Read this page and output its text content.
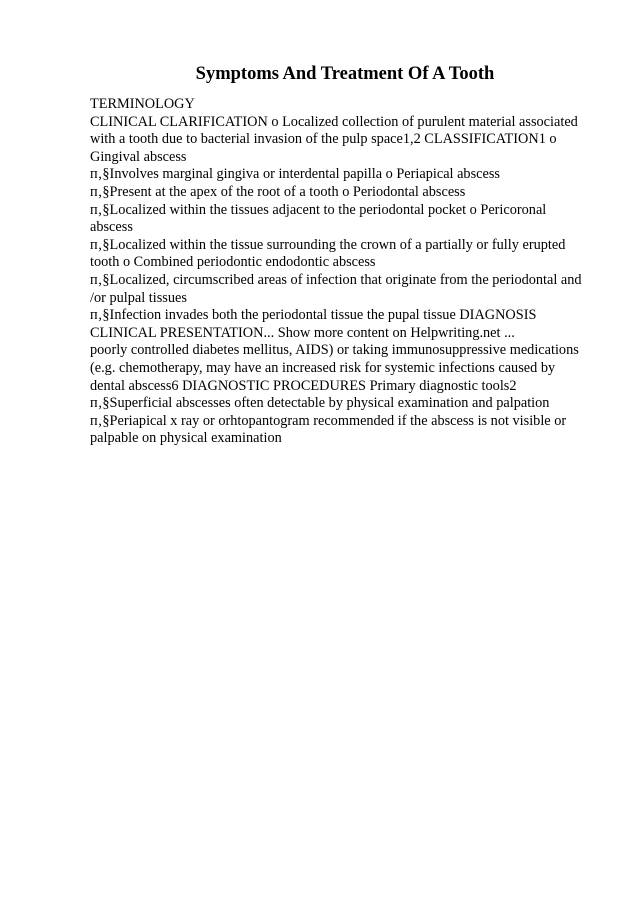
Symptoms And Treatment Of A Tooth
TERMINOLOGY
CLINICAL CLARIFICATION o Localized collection of purulent material associated
with a tooth due to bacterial invasion of the pulp space1,2 CLASSIFICATION1 o
Gingival abscess
п‚§Involves marginal gingiva or interdental papilla o Periapical abscess
п‚§Present at the apex of the root of a tooth o Periodontal abscess
п‚§Localized within the tissues adjacent to the periodontal pocket o Pericoronal
abscess
п‚§Localized within the tissue surrounding the crown of a partially or fully erupted
tooth o Combined periodontic endodontic abscess
п‚§Localized, circumscribed areas of infection that originate from the periodontal and
/or pulpal tissues
п‚§Infection invades both the periodontal tissue the pupal tissue DIAGNOSIS
CLINICAL PRESENTATION... Show more content on Helpwriting.net ...
poorly controlled diabetes mellitus, AIDS) or taking immunosuppressive medications
(e.g. chemotherapy, may have an increased risk for systemic infections caused by
dental abscess6 DIAGNOSTIC PROCEDURES Primary diagnostic tools2
п‚§Superficial abscesses often detectable by physical examination and palpation
п‚§Periapical x ray or orhtopantogram recommended if the abscess is not visible or
palpable on physical examination
